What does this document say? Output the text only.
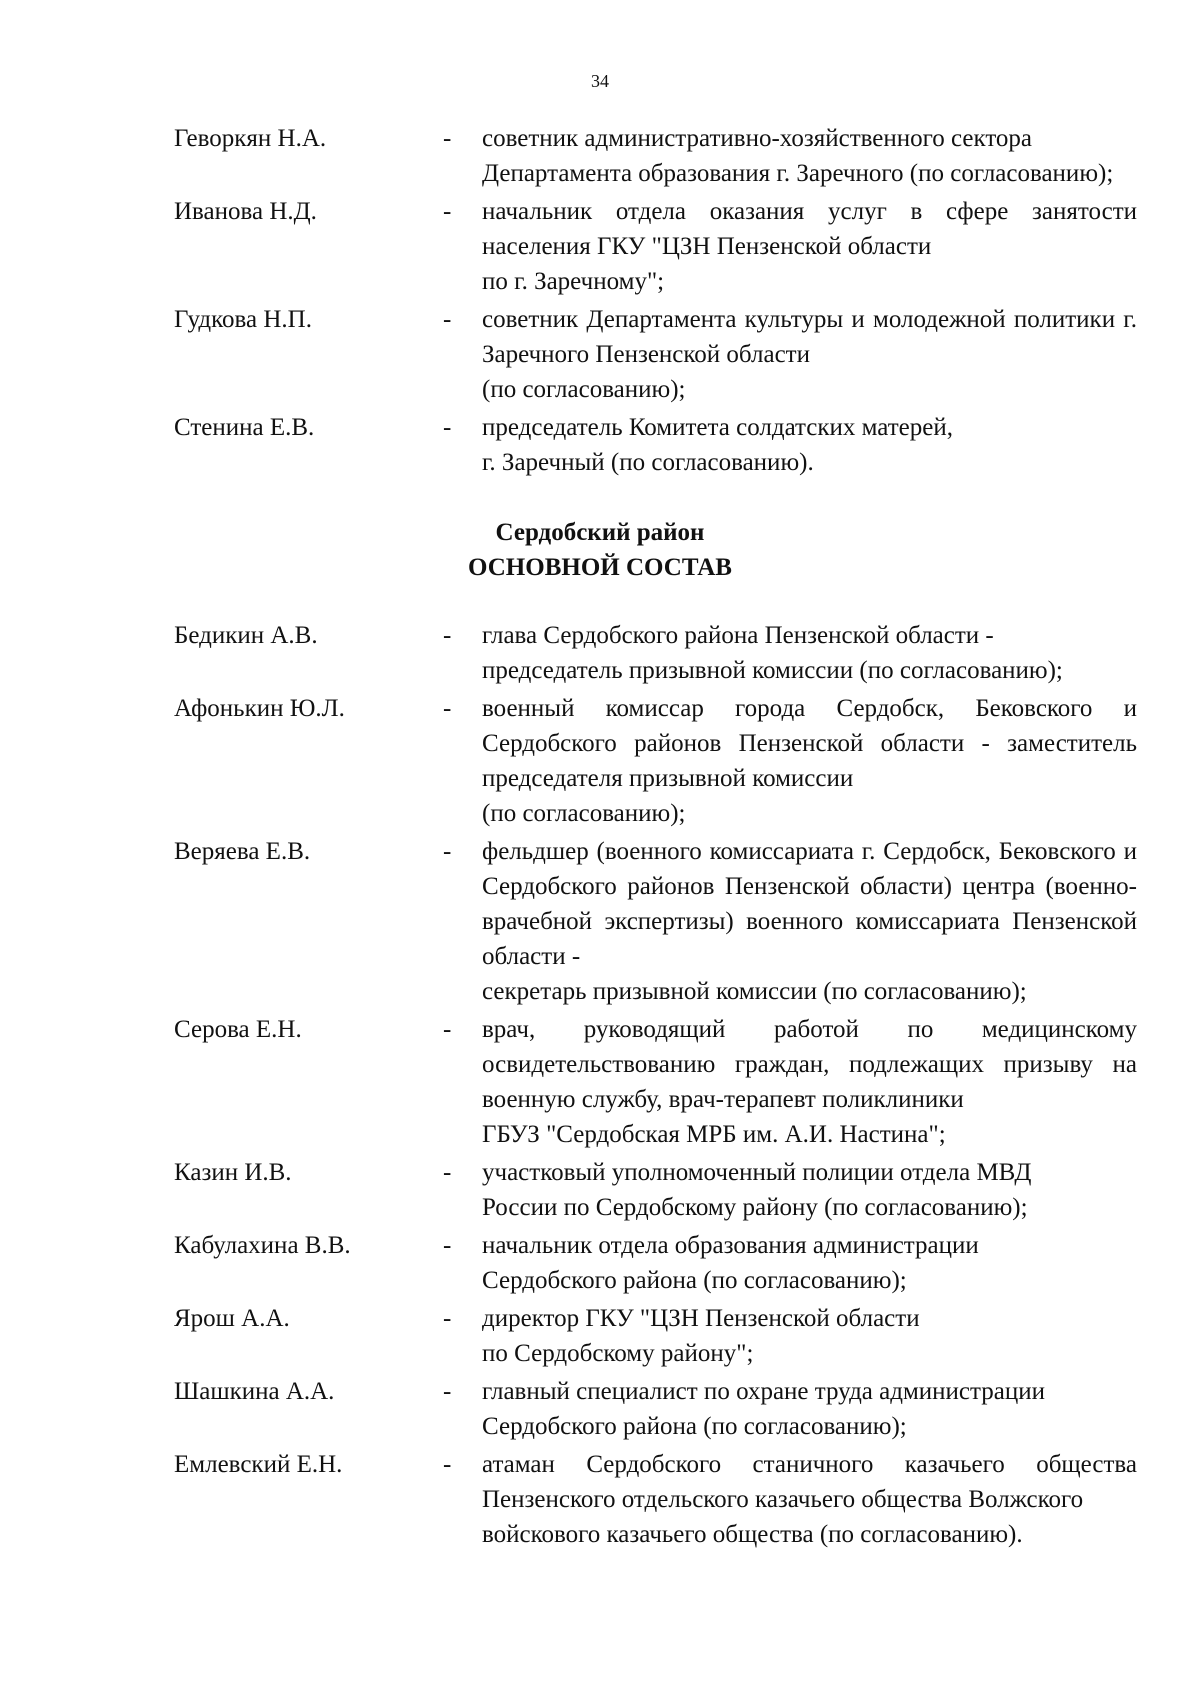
34
Геворкян Н.А.	- советник административно-хозяйственного сектора
Департамента образования г. Заречного (по согласованию);
Иванова Н.Д.	- начальник отдела оказания услуг в сфере занятости населения ГКУ "ЦЗН Пензенской области
по г. Заречному";
Гудкова Н.П.	- советник Департамента культуры и молодежной политики г. Заречного Пензенской области
(по согласованию);
Стенина Е.В.	- председатель Комитета солдатских матерей,
г. Заречный (по согласованию).
Сердобский район
ОСНОВНОЙ СОСТАВ
Бедикин А.В.	- глава Сердобского района Пензенской области -
председатель призывной комиссии (по согласованию);
Афонькин Ю.Л.	- военный комиссар города Сердобск, Бековского и Сердобского районов Пензенской области - заместитель председателя призывной комиссии
(по согласованию);
Веряева Е.В.	- фельдшер (военного комиссариата г. Сердобск, Бековского и Сердобского районов Пензенской области) центра (военно-врачебной экспертизы) военного комиссариата Пензенской области -
секретарь призывной комиссии (по согласованию);
Серова Е.Н.	- врач, руководящий работой по медицинскому освидетельствованию граждан, подлежащих призыву на военную службу, врач-терапевт поликлиники
ГБУЗ "Сердобская МРБ им. А.И. Настина";
Казин И.В.	- участковый уполномоченный полиции отдела МВД
России по Сердобскому району (по согласованию);
Кабулахина В.В.	- начальник отдела образования администрации
Сердобского района (по согласованию);
Ярош А.А.	- директор ГКУ "ЦЗН Пензенской области
по Сердобскому району";
Шашкина А.А.	- главный специалист по охране труда администрации
Сердобского района (по согласованию);
Емлевский Е.Н.	- атаман Сердобского станичного казачьего общества Пензенского отдельского казачьего общества Волжского
войскового казачьего общества (по согласованию).
